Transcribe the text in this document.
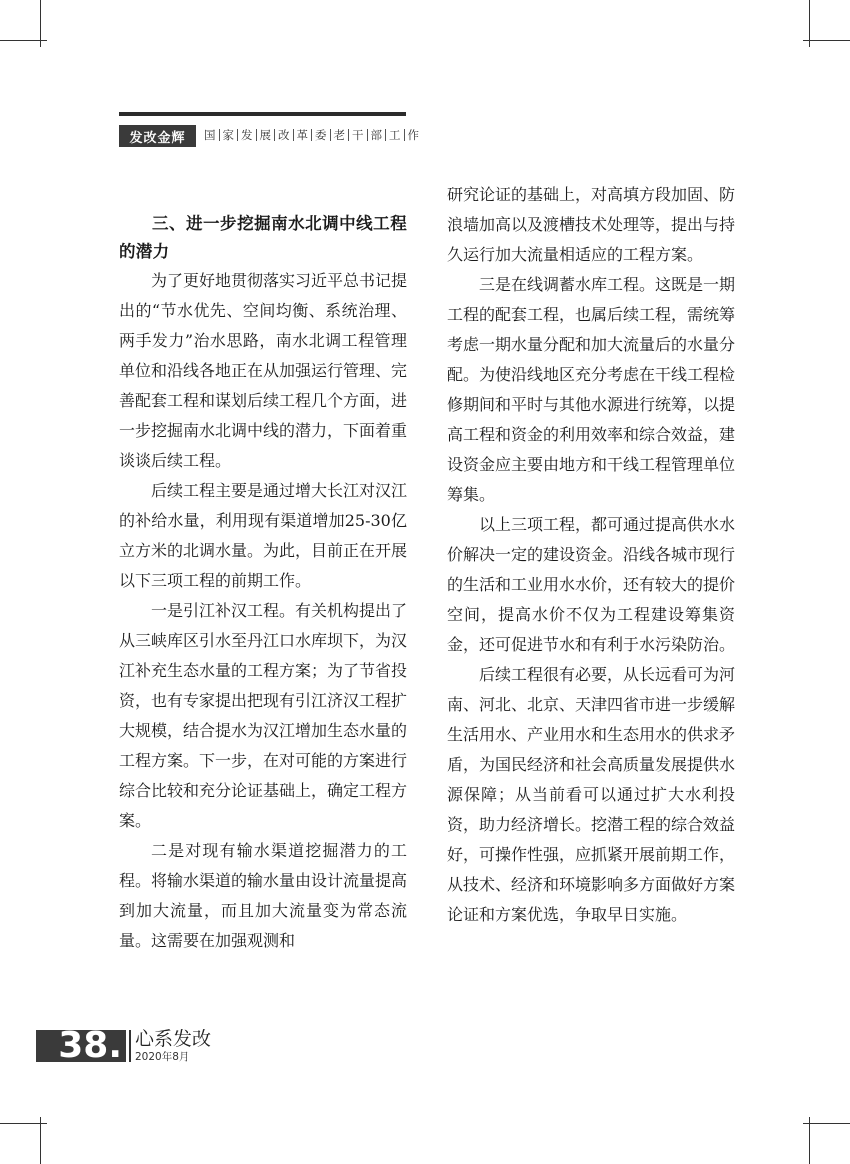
发改金辉	国 家 发 展 改 革 委 老 干 部 工 作
三、进一步挖掘南水北调中线工程的潜力

为了更好地贯彻落实习近平总书记提出的“节水优先、空间均衡、系统治理、两手发力”治水思路，南水北调工程管理单位和沿线各地正在从加强运行管理、完善配套工程和谋划后续工程几个方面，进一步挖掘南水北调中线的潜力，下面着重谈谈后续工程。

后续工程主要是通过增大长江对汉江的补给水量，利用现有渠道增加25-30亿立方米的北调水量。为此，目前正在开展以下三项工程的前期工作。

一是引江补汉工程。有关机构提出了从三峡库区引水至丹江口水库坝下，为汉江补充生态水量的工程方案；为了节省投资，也有专家提出把现有引江济汉工程扩大规模，结合提水为汉江增加生态水量的工程方案。下一步，在对可能的方案进行综合比较和充分论证基础上，确定工程方案。

二是对现有输水渠道挖掘潜力的工程。将输水渠道的输水量由设计流量提高到加大流量，而且加大流量变为常态流量。这需要在加强观测和

研究论证的基础上，对高填方段加固、防浪墙加高以及渡槽技术处理等，提出与持久运行加大流量相适应的工程方案。

三是在线调蓄水库工程。这既是一期工程的配套工程，也属后续工程，需统筹考虑一期水量分配和加大流量后的水量分配。为使沿线地区充分考虑在干线工程检修期间和平时与其他水源进行统筹，以提高工程和资金的利用效率和综合效益，建设资金应主要由地方和干线工程管理单位筹集。

以上三项工程，都可通过提高供水水价解决一定的建设资金。沿线各城市现行的生活和工业用水水价，还有较大的提价空间，提高水价不仅为工程建设筹集资金，还可促进节水和有利于水污染防治。

后续工程很有必要，从长远看可为河南、河北、北京、天津四省市进一步缓解生活用水、产业用水和生态用水的供求矛盾，为国民经济和社会高质量发展提供水源保障；从当前看可以通过扩大水利投资，助力经济增长。挖潜工程的综合效益好，可操作性强，应抓紧开展前期工作，从技术、经济和环境影响多方面做好方案论证和方案优选，争取早日实施。

38. 心系发改
2020年8月
